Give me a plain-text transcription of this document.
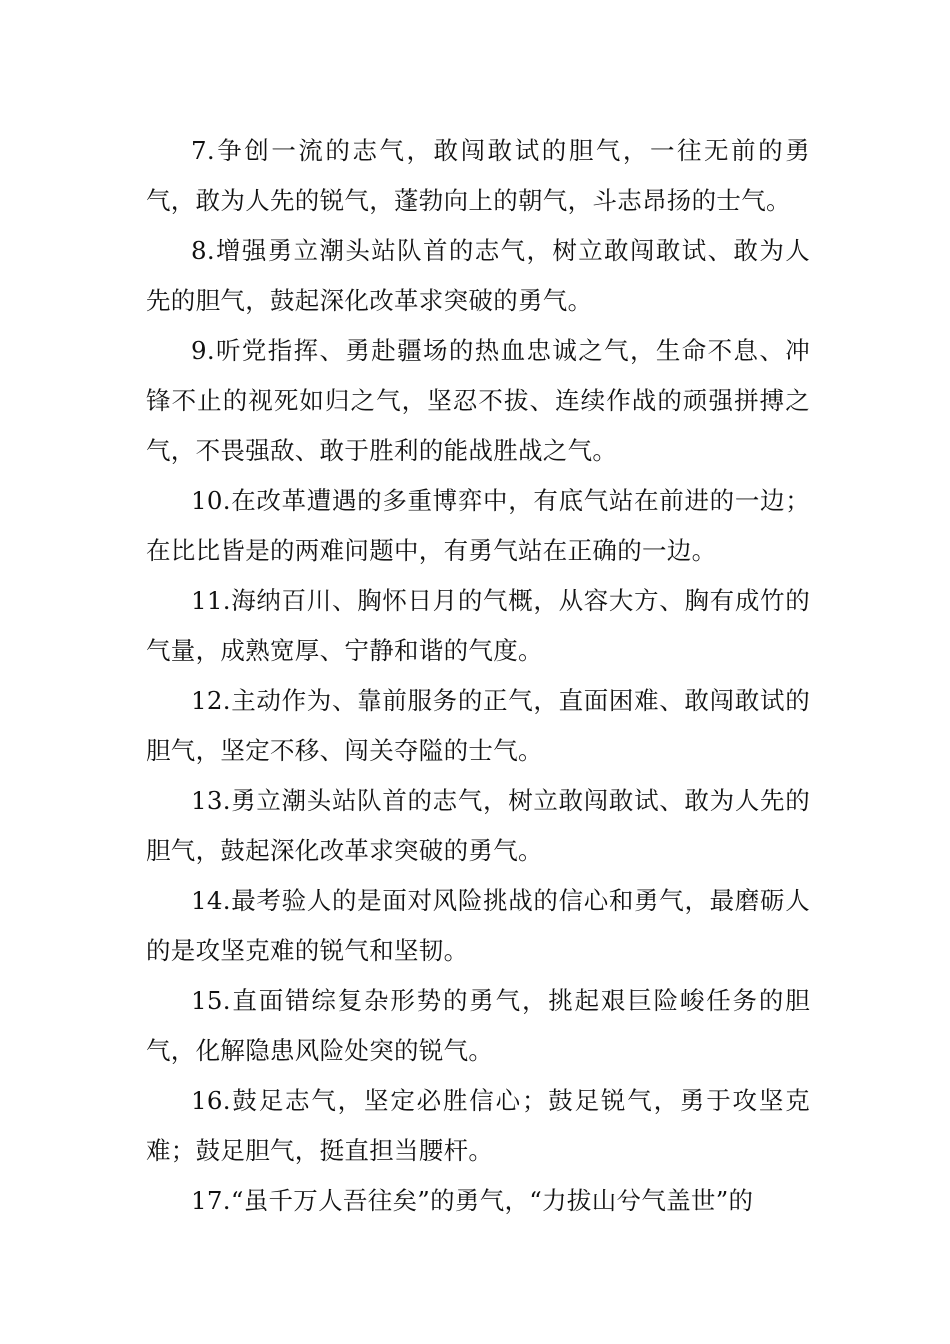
7.争创一流的志气，敢闯敢试的胆气，一往无前的勇气，敢为人先的锐气，蓬勃向上的朝气，斗志昂扬的士气。

8.增强勇立潮头站队首的志气，树立敢闯敢试、敢为人先的胆气，鼓起深化改革求突破的勇气。

9.听党指挥、勇赴疆场的热血忠诚之气，生命不息、冲锋不止的视死如归之气，坚忍不拔、连续作战的顽强拼搏之气，不畏强敌、敢于胜利的能战胜战之气。

10.在改革遭遇的多重博弈中，有底气站在前进的一边；在比比皆是的两难问题中，有勇气站在正确的一边。

11.海纳百川、胸怀日月的气概，从容大方、胸有成竹的气量，成熟宽厚、宁静和谐的气度。

12.主动作为、靠前服务的正气，直面困难、敢闯敢试的胆气，坚定不移、闯关夺隘的士气。

13.勇立潮头站队首的志气，树立敢闯敢试、敢为人先的胆气，鼓起深化改革求突破的勇气。

14.最考验人的是面对风险挑战的信心和勇气，最磨砺人的是攻坚克难的锐气和坚韧。

15.直面错综复杂形势的勇气，挑起艰巨险峻任务的胆气，化解隐患风险处突的锐气。

16.鼓足志气，坚定必胜信心；鼓足锐气，勇于攻坚克难；鼓足胆气，挺直担当腰杆。

17.“虽千万人吾往矣”的勇气，“力拔山兮气盖世”的
